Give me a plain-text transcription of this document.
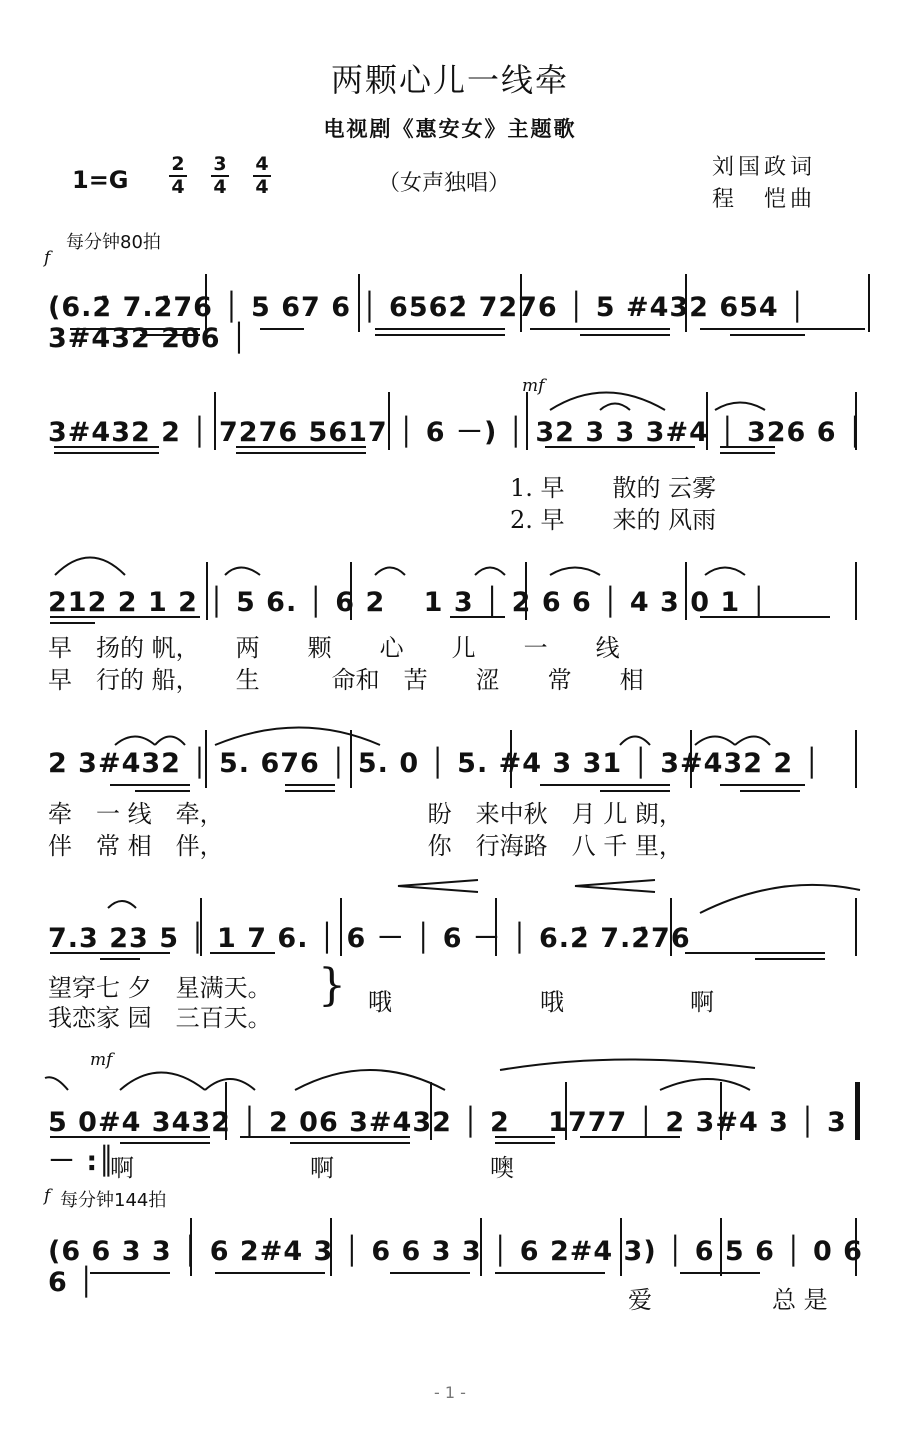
两颗心儿一线牵
电视剧《惠安女》主题歌
1=G
2
4
3
4
4
4	（女声独唱）
刘国政词
程　恺曲
每分钟80拍
f
(6.2̇ 7.2̇76 │ 5 67 6 │ 6562̇ 7276 │ 5 #432 654 │ 3#432 206 │
mf
3#432 2 │ 7276 5617 │ 6 －) │ 32 3 3 3#4 │ 326 6 │
1. 早　　散的 云雾
2. 早　　来的 风雨
212 2 1 2 │ 5 6. │ 6 2　 1 3 │ 2 6 6 │ 4 3 0 1 │
早　扬的 帆，　　两　　颗　　心　　儿　　一　　线
早　行的 船，　　生　　　命和　苦　　涩　　常　　相
2 3#432 │ 5. 676 │ 5. 0 │ 5. #4 3 31 │ 3#432 2 │
牵　一 线　牵，　　　　　　　　　盼　来中秋　月 儿 朗，
伴　常 相　伴，　　　　　　　　　你　行海路　八 千 里，
7.3 23 5 │ 1 7 6. │ 6 － │ 6 － │ 6.2̇ 7.2̇76
望穿七 夕　星满天。
我恋家 园　三百天。
} 哦	哦	啊
mf
5 0#4 3432 │ 2 06 3#432 │ 2　 1777 │ 2 3#4 3 │ 3 － :║
啊	啊	噢
f 每分钟144拍
(6 6 3 3 │ 6 2#4 3 │ 6 6 3 3 │ 6 2#4 3) │ 6 5 6 │ 0 6 6 │
爱　　　　　总 是
- 1 -
